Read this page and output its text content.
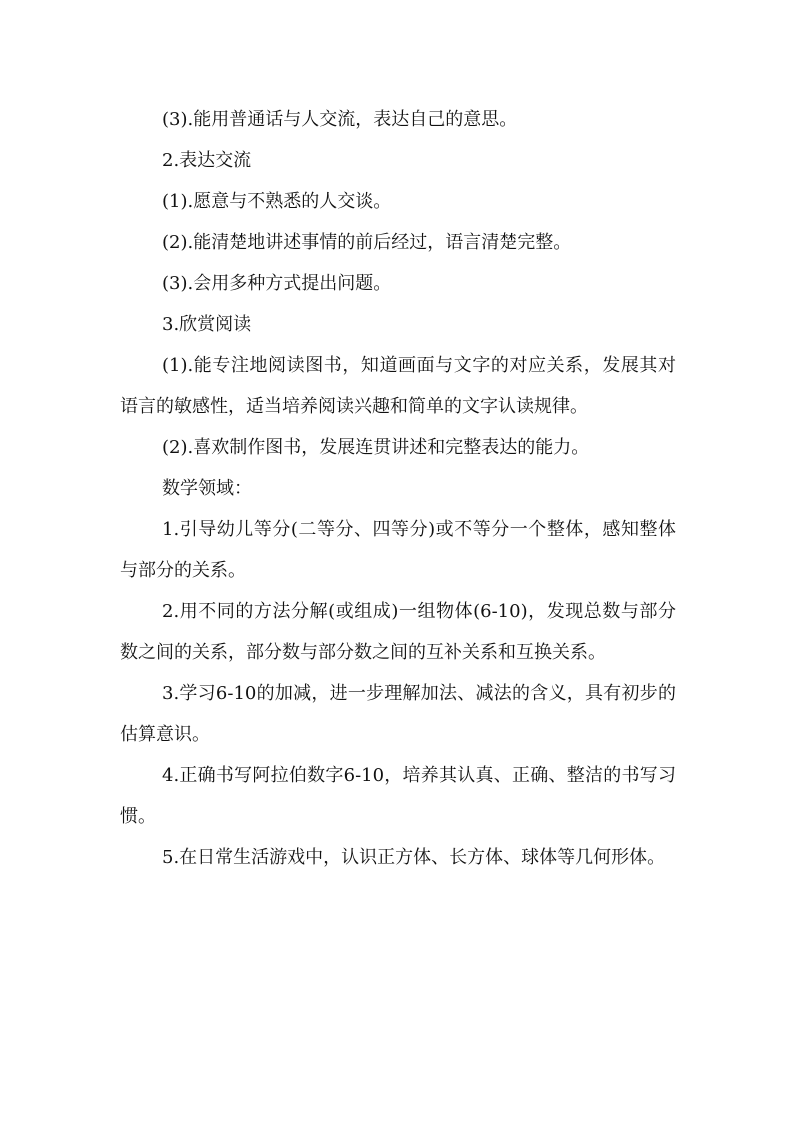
(3).能用普通话与人交流，表达自己的意思。

2.表达交流

(1).愿意与不熟悉的人交谈。

(2).能清楚地讲述事情的前后经过，语言清楚完整。

(3).会用多种方式提出问题。

3.欣赏阅读

(1).能专注地阅读图书，知道画面与文字的对应关系，发展其对语言的敏感性，适当培养阅读兴趣和简单的文字认读规律。

(2).喜欢制作图书，发展连贯讲述和完整表达的能力。

数学领域：

1.引导幼儿等分(二等分、四等分)或不等分一个整体，感知整体与部分的关系。

2.用不同的方法分解(或组成)一组物体(6-10)，发现总数与部分数之间的关系，部分数与部分数之间的互补关系和互换关系。

3.学习6-10的加减，进一步理解加法、减法的含义，具有初步的估算意识。

4.正确书写阿拉伯数字6-10，培养其认真、正确、整洁的书写习惯。

5.在日常生活游戏中，认识正方体、长方体、球体等几何形体。
